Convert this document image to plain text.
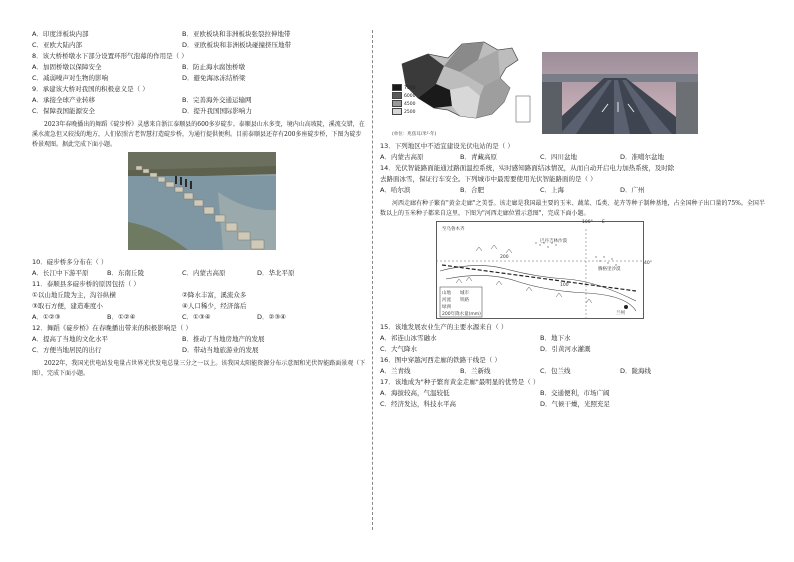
A．印度洋板块内部	B．亚欧板块和非洲板块张裂拉伸地带
C．亚欧大陆内部	D．亚欧板块和非洲板块碰撞挤压地带
8．该大桥桥墩水下部分设置环形气泡幕的作用是（ ）
A．加固桥墩以保障安全	B．防止海水腐蚀桥墩
C．减弱噪声对生物的影响	D．避免海冰冻结桥梁
9．承建该大桥对我国的积极意义是（ ）
A．承接全球产业转移	B．完善海外交通运输网
C．保障我国能源安全	D．提升我国国际影响力
2023年春晚播出的舞蹈《碇步桥》灵感来自浙江泰顺县的600多岁碇步。泰顺县山水多变，境内山高坡陡，溪流交错，在溪水流急但又较浅的地方，人们依照古老智慧打造碇步桥，为通行提供便利。目前泰顺县还存有200多座碇步桥，下图为碇步桥景观图。据此完成下面小题。
10．碇步桥多分布在（ ）
A．长江中下游平原	B．东南丘陵	C．内蒙古高原	D．华北平原
11．泰顺县多碇步桥的原因包括（ ）
①以山地丘陵为主，沟谷纵横	②降水丰富，溪流众多
③取石方便，建造难度小	④人口稀少，经济落后
A．①②③	B．①②④	C．①③④	D．②③④
12．舞蹈《碇步桥》在春晚播出带来的积极影响是（ ）
A．提高了当地的文化水平	B．推动了当地房地产的发展
C．方便当地居民的出行	D．带动当地旅游业的发展
2022年，我国光伏电站发电量占世界光伏发电总量三分之一以上。该我国太阳能资源分布示意图和光伏智能路面景观（下图），完成下面小题。
7500
6000
4500
2500
(单位：兆焦耳/米²·年)
13．下列地区中不适宜建设光伏电站的是（ ）
A．内蒙古高原	B．青藏高原	C．四川盆地	D．准噶尔盆地
14．光伏智能路面能通过路面温控系统，实时感知路面结冰情况，从而自动开启电力加热系统，及时除
去路面冰雪，保证行车安全。下列城市中最需要使用光伏智能路面的是（ ）
A．哈尔滨	B．合肥	C．上海	D．广州
河西走廊有种子繁育"黄金走廊"之美誉。该走廊是我国最主要的玉米、蔬菜、瓜类、花卉等种子制种基地，占全国种子出口量的75%。全国半数以上的玉米种子都来自这里，下图为"河西走廊位置示意图"，完成下面小题。
至乌鲁木齐
巴丹吉林沙漠
腾格里沙漠
兰州
100° E
40°
200
100
山地
河流
绿洲
城市
铁路
200年降水量(mm)
15．该地发展农业生产的主要水源来自（ ）
A．祁连山冰雪融水	B．地下水
C．大气降水	D．引黄河水灌溉
16．图中穿越河西走廊的铁路干线是（ ）
A．兰青线	B．兰新线	C．包兰线	D．陇海线
17．该地成为"种子繁育黄金走廊"最明显的优势是（ ）
A．海拔较高，气温较低	B．交通便利，市场广阔
C．经济发达，科技水平高	D．气候干燥，光照充足
